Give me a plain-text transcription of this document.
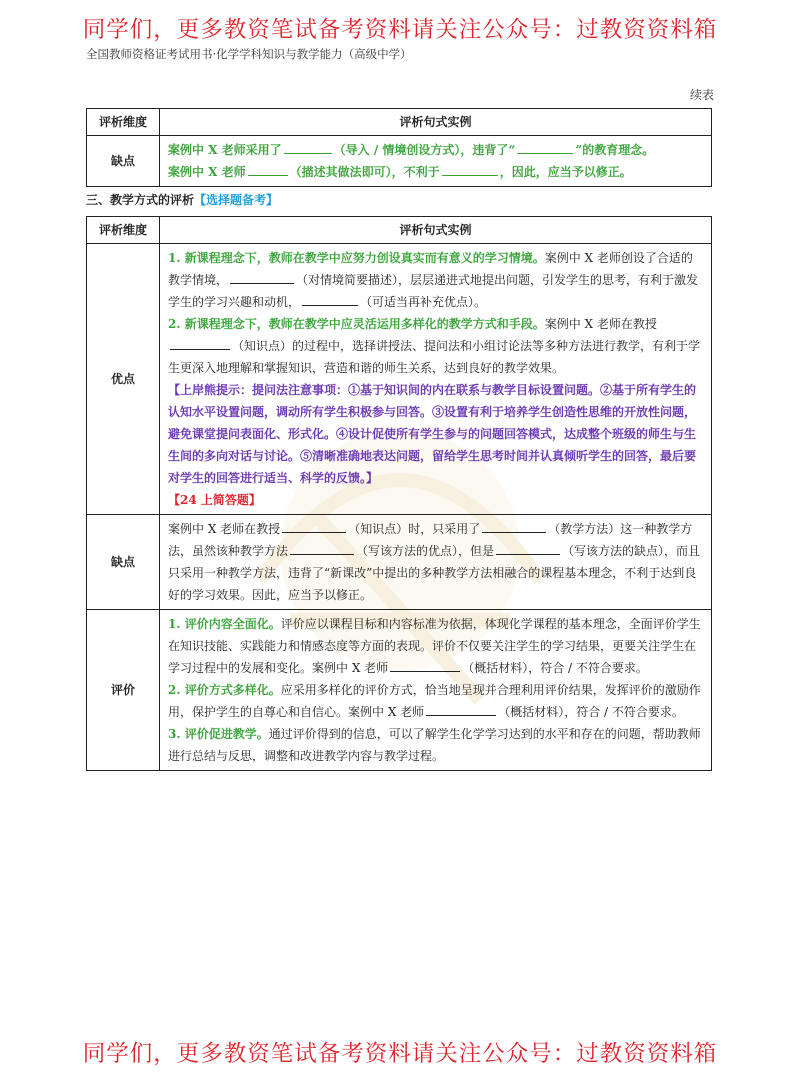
同学们，更多教资笔试备考资料请关注公众号：过教资资料箱
全国教师资格证考试用书·化学学科知识与教学能力（高级中学）
续表
评析维度	评析句式实例
缺点	案例中 X 老师采用了 （导入 / 情境创设方式），违背了“ ”的教育理念。

案例中 X 老师 （描述其做法即可），不利于 ，因此，应当予以修正。

三、教学方式的评析【选择题备考】
评析维度	评析句式实例
优点	1. 新课程理念下，教师在教学中应努力创设真实而有意义的学习情境。案例中 X 老师创设了合适的教学情境， （对情境简要描述），层层递进式地提出问题，引发学生的思考，有利于激发学生的学习兴趣和动机， （可适当再补充优点）。

2. 新课程理念下，教师在教学中应灵活运用多样化的教学方式和手段。案例中 X 老师在教授（知识点）的过程中，选择讲授法、提问法和小组讨论法等多种方法进行教学，有利于学生更深入地理解和掌握知识，营造和谐的师生关系，达到良好的教学效果。

【上岸熊提示：提问法注意事项：①基于知识间的内在联系与教学目标设置问题。②基于所有学生的认知水平设置问题，调动所有学生积极参与回答。③设置有利于培养学生创造性思维的开放性问题，避免课堂提问表面化、形式化。④设计促使所有学生参与的问题回答模式，达成整个班级的师生与生生间的多向对话与讨论。⑤清晰准确地表达问题，留给学生思考时间并认真倾听学生的回答，最后要对学生的回答进行适当、科学的反馈。】

【24 上简答题】

缺点	案例中 X 老师在教授 （知识点）时，只采用了 （教学方法）这一种教学方法，虽然该种教学方法 （写该方法的优点），但是 （写该方法的缺点），而且只采用一种教学方法，违背了“新课改”中提出的多种教学方法相融合的课程基本理念，不利于达到良好的学习效果。因此，应当予以修正。

评价	1. 评价内容全面化。评价应以课程目标和内容标准为依据，体现化学课程的基本理念，全面评价学生在知识技能、实践能力和情感态度等方面的表现。评价不仅要关注学生的学习结果，更要关注学生在学习过程中的发展和变化。案例中 X 老师 （概括材料），符合 / 不符合要求。

2. 评价方式多样化。应采用多样化的评价方式，恰当地呈现并合理利用评价结果，发挥评价的激励作用，保护学生的自尊心和自信心。案例中 X 老师 （概括材料），符合 / 不符合要求。

3. 评价促进教学。通过评价得到的信息，可以了解学生化学学习达到的水平和存在的问题，帮助教师进行总结与反思，调整和改进教学内容与教学过程。

同学们，更多教资笔试备考资料请关注公众号：过教资资料箱
